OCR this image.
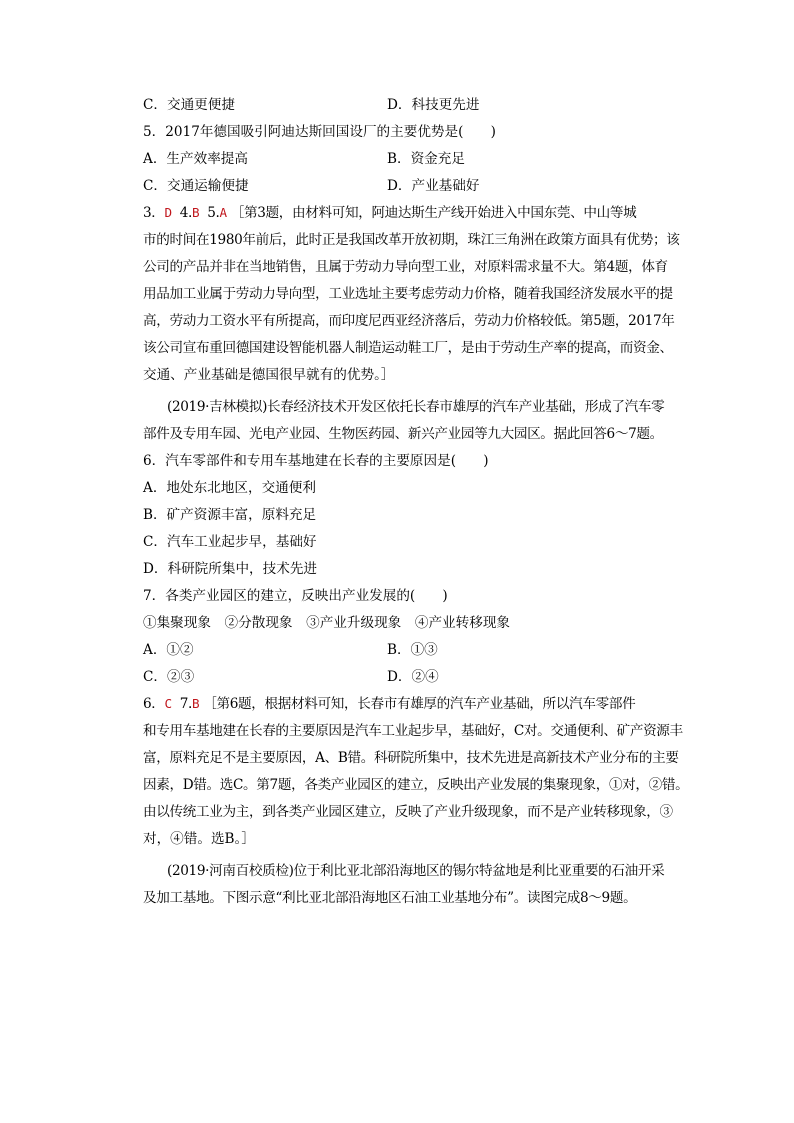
C．交通更便捷	D．科技更先进
5．2017年德国吸引阿迪达斯回国设厂的主要优势是(　　)
A．生产效率提高	B．资金充足
C．交通运输便捷	D．产业基础好
3．D 4.B 5.A ［第3题，由材料可知，阿迪达斯生产线开始进入中国东莞、中山等城
市的时间在1980年前后，此时正是我国改革开放初期，珠江三角洲在政策方面具有优势；该
公司的产品并非在当地销售，且属于劳动力导向型工业，对原料需求量不大。第4题，体育
用品加工业属于劳动力导向型，工业选址主要考虑劳动力价格，随着我国经济发展水平的提
高，劳动力工资水平有所提高，而印度尼西亚经济落后，劳动力价格较低。第5题，2017年
该公司宣布重回德国建设智能机器人制造运动鞋工厂，是由于劳动生产率的提高，而资金、
交通、产业基础是德国很早就有的优势。］
(2019·吉林模拟)长春经济技术开发区依托长春市雄厚的汽车产业基础，形成了汽车零
部件及专用车园、光电产业园、生物医药园、新兴产业园等九大园区。据此回答6～7题。
6．汽车零部件和专用车基地建在长春的主要原因是(　　)
A．地处东北地区，交通便利
B．矿产资源丰富，原料充足
C．汽车工业起步早，基础好
D．科研院所集中，技术先进
7．各类产业园区的建立，反映出产业发展的(　　)
①集聚现象　②分散现象　③产业升级现象　④产业转移现象
A．①②	B．①③
C．②③	D．②④
6．C 7.B ［第6题，根据材料可知，长春市有雄厚的汽车产业基础，所以汽车零部件
和专用车基地建在长春的主要原因是汽车工业起步早，基础好，C对。交通便利、矿产资源丰
富，原料充足不是主要原因，A、B错。科研院所集中，技术先进是高新技术产业分布的主要
因素，D错。选C。第7题，各类产业园区的建立，反映出产业发展的集聚现象，①对，②错。
由以传统工业为主，到各类产业园区建立，反映了产业升级现象，而不是产业转移现象，③
对，④错。选B。］
(2019·河南百校质检)位于利比亚北部沿海地区的锡尔特盆地是利比亚重要的石油开采
及加工基地。下图示意“利比亚北部沿海地区石油工业基地分布”。读图完成8～9题。
